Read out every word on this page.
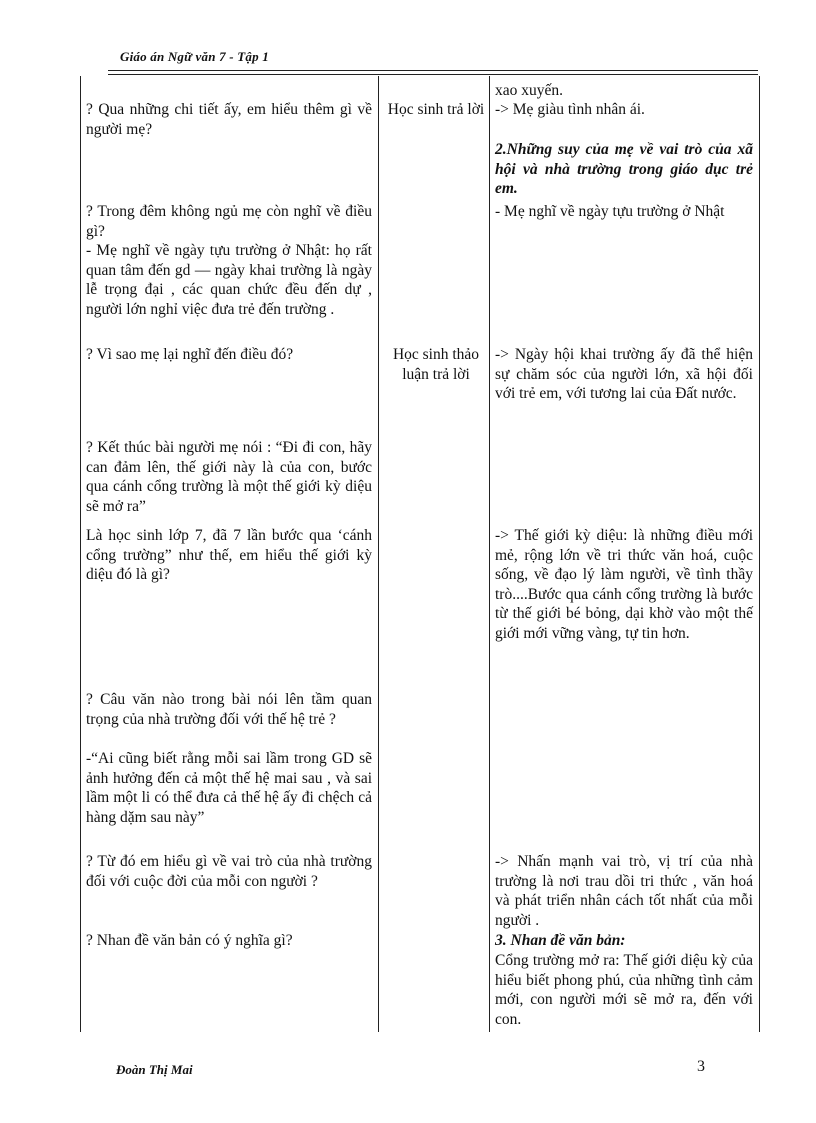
Giáo án Ngữ văn 7 - Tập 1
? Qua những chi tiết ấy, em hiểu thêm gì về người mẹ?
? Trong đêm không ngủ mẹ còn nghĩ về điều gì?
- Mẹ nghĩ về ngày tựu trường ở Nhật: họ rất quan tâm đến gd — ngày khai trường là ngày lễ trọng đại , các quan chức đều đến dự , người lớn nghỉ việc đưa trẻ đến trường .
? Vì sao mẹ lại nghĩ đến điều đó?
? Kết thúc bài người mẹ nói : “Đi đi con, hãy can đảm lên, thế giới này là của con, bước qua cánh cổng trường là một thế giới kỳ diệu sẽ mở ra”
Là học sinh lớp 7, đã 7 lần bước qua ‘cánh cổng trường” như thế, em hiểu thế giới kỳ diệu đó là gì?
? Câu văn nào trong bài nói lên tầm quan trọng của nhà trường đối với thế hệ trẻ ?
-“Ai cũng biết rằng mỗi sai lầm trong GD sẽ ảnh hưởng đến cả một thế hệ mai sau , và sai lầm một li có thể đưa cả thế hệ ấy đi chệch cả hàng dặm sau này”
? Từ đó em hiểu gì về vai trò của nhà trường đối với cuộc đời của mỗi con người ?
? Nhan đề văn bản có ý nghĩa gì?
Học sinh trả lời
Học sinh thảo luận trả lời
xao xuyến.
-> Mẹ giàu tình nhân ái.
2.Những suy của mẹ về vai trò của xã hội và nhà trường trong giáo dục trẻ em.
- Mẹ nghĩ về ngày tựu trường ở Nhật
-> Ngày hội khai trường ấy đã thể hiện sự chăm sóc của người lớn, xã hội đối với trẻ em, với tương lai của Đất nước.
-> Thế giới kỳ diệu: là những điều mới mẻ, rộng lớn về tri thức văn hoá, cuộc sống, về đạo lý làm người, về tình thầy trò....Bước qua cánh cổng trường là bước từ thế giới bé bỏng, dại khờ vào một thế giới mới vững vàng, tự tin hơn.
-> Nhấn mạnh vai trò, vị trí của nhà trường là nơi trau dồi tri thức , văn hoá và phát triển nhân cách tốt nhất của mỗi người .
3. Nhan đề văn bản:
Cổng trường mở ra: Thế giới diệu kỳ của hiểu biết phong phú, của những tình cảm mới, con người mới sẽ mở ra, đến với con.
Đoàn Thị Mai	3
